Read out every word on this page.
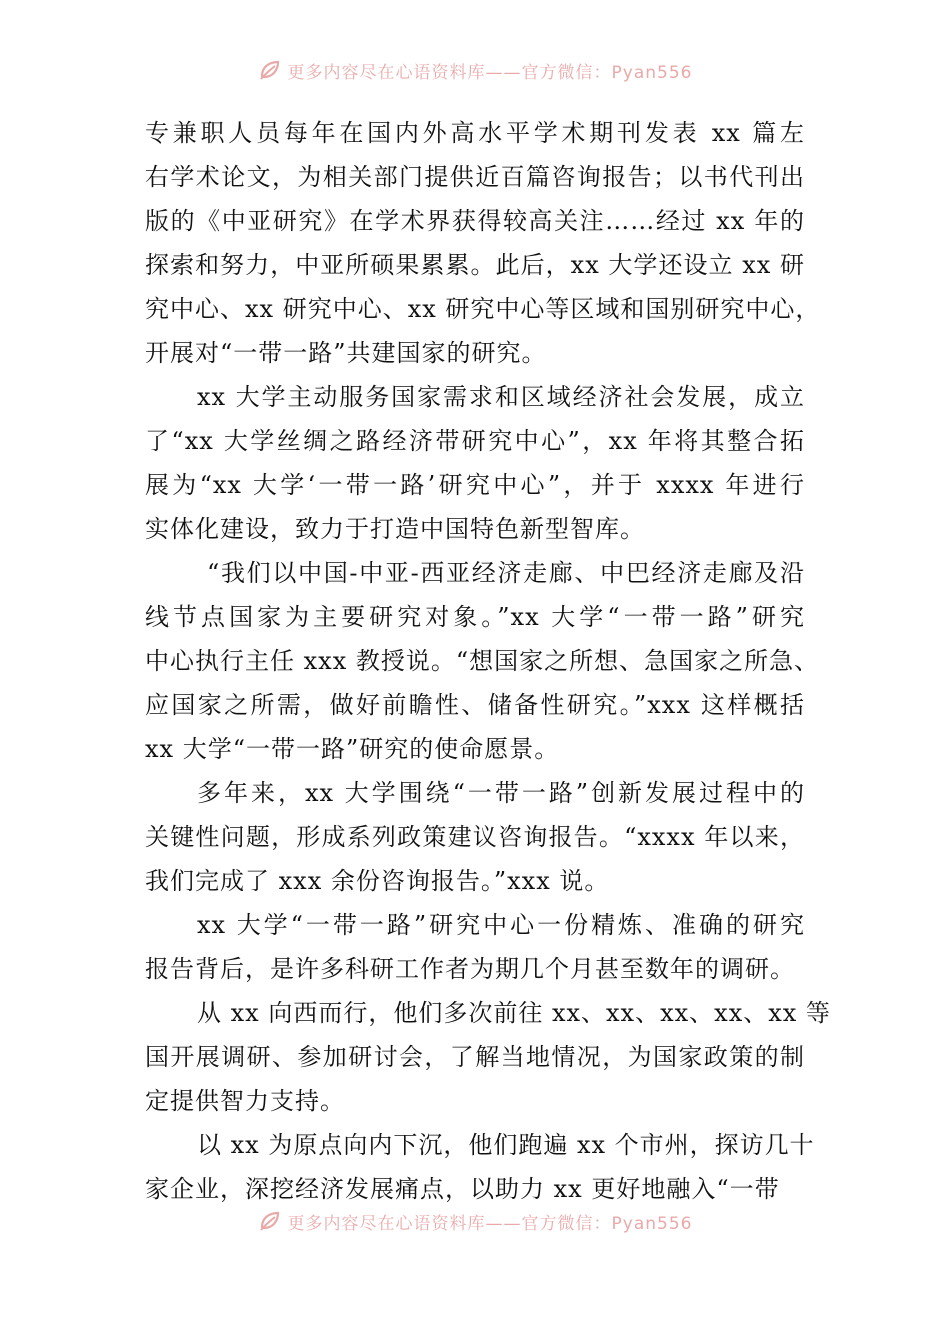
更多内容尽在心语资料库——官方微信：Pyan556

专兼职人员每年在国内外高水平学术期刊发表 xx 篇左
右学术论文，为相关部门提供近百篇咨询报告；以书代刊出
版的《中亚研究》在学术界获得较高关注……经过 xx 年的
探索和努力，中亚所硕果累累。此后，xx 大学还设立 xx 研
究中心、xx 研究中心、xx 研究中心等区域和国别研究中心，
开展对“一带一路”共建国家的研究。

xx 大学主动服务国家需求和区域经济社会发展，成立
了“xx 大学丝绸之路经济带研究中心”，xx 年将其整合拓
展为“xx 大学‘一带一路’研究中心”，并于 xxxx 年进行
实体化建设，致力于打造中国特色新型智库。

“我们以中国-中亚-西亚经济走廊、中巴经济走廊及沿
线节点国家为主要研究对象。”xx 大学“一带一路”研究
中心执行主任 xxx 教授说。“想国家之所想、急国家之所急、
应国家之所需，做好前瞻性、储备性研究。”xxx 这样概括
xx 大学“一带一路”研究的使命愿景。

多年来，xx 大学围绕“一带一路”创新发展过程中的
关键性问题，形成系列政策建议咨询报告。“xxxx 年以来，
我们完成了 xxx 余份咨询报告。”xxx 说。

xx 大学“一带一路”研究中心一份精炼、准确的研究
报告背后，是许多科研工作者为期几个月甚至数年的调研。

从 xx 向西而行，他们多次前往 xx、xx、xx、xx、xx 等
国开展调研、参加研讨会，了解当地情况，为国家政策的制
定提供智力支持。

以 xx 为原点向内下沉，他们跑遍 xx 个市州，探访几十
家企业，深挖经济发展痛点，以助力 xx 更好地融入“一带

更多内容尽在心语资料库——官方微信：Pyan556
